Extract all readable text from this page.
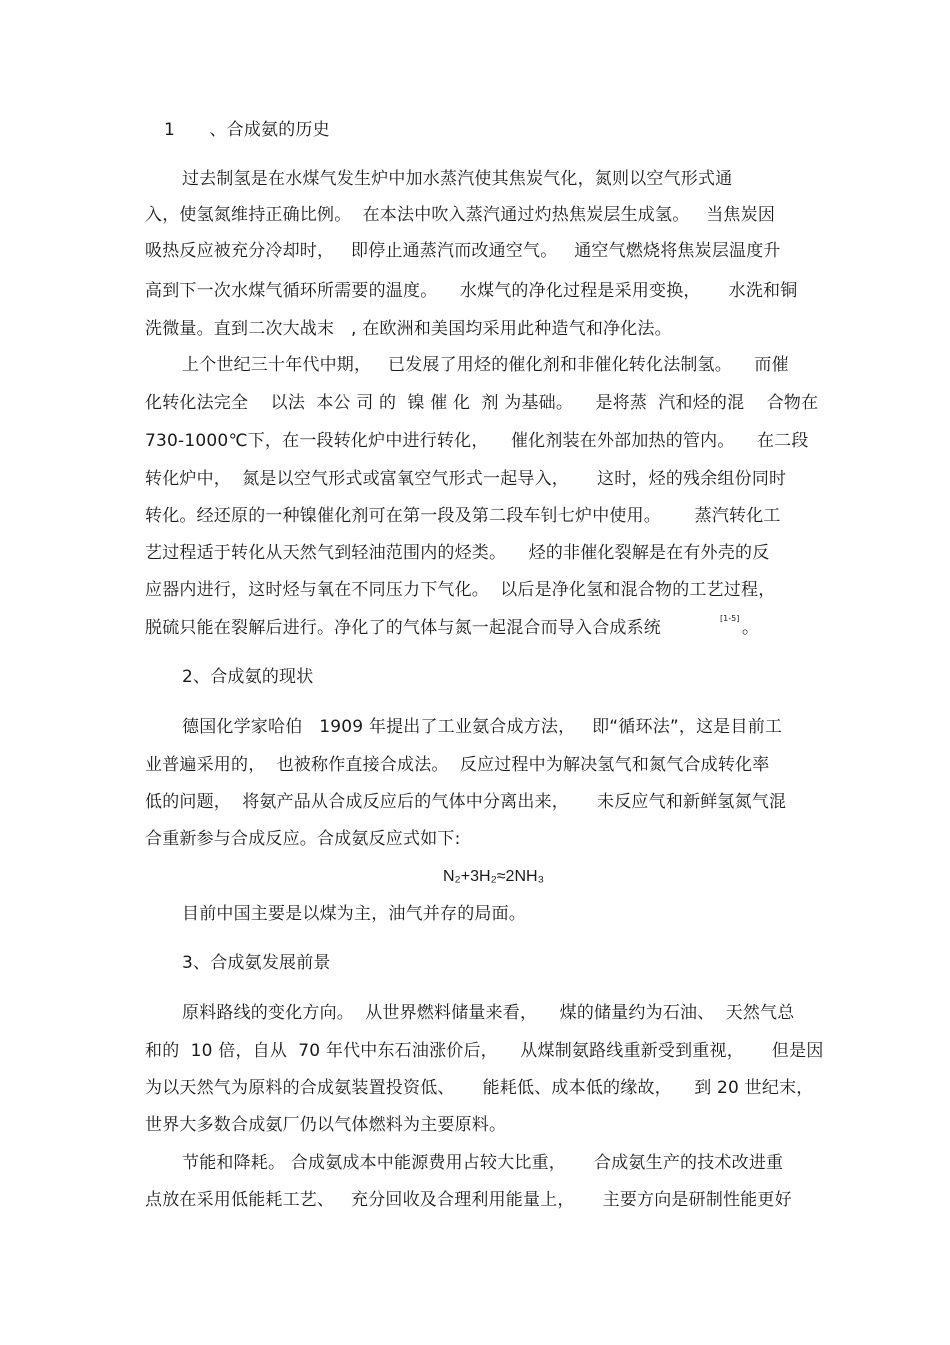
1　　、合成氨的历史
过去制氢是在水煤气发生炉中加水蒸汽使其焦炭气化，氮则以空气形式通
入，使氢氮维持正确比例。  在本法中吹入蒸汽通过灼热焦炭层生成氢。   当焦炭因
吸热反应被充分冷却时，   即停止通蒸汽而改通空气。   通空气燃烧将焦炭层温度升
高到下一次水煤气循环所需要的温度。    水煤气的净化过程是采用变换，     水洗和铜
洗微量。直到二次大战末   , 在欧洲和美国均采用此种造气和净化法。
上个世纪三十年代中期，   已发展了用烃的催化剂和非催化转化法制氢。    而催
化转化法完全    以法  本公 司 的  镍 催 化  剂 为基础。    是将蒸  汽和烃的混    合物在
730-1000℃下，在一段转化炉中进行转化，    催化剂装在外部加热的管内。    在二段
转化炉中，  氮是以空气形式或富氧空气形式一起导入，     这时，烃的残余组份同时
转化。经还原的一种镍催化剂可在第一段及第二段车钊七炉中使用。      蒸汽转化工
艺过程适于转化从天然气到轻油范围内的烃类。    烃的非催化裂解是在有外壳的反
应器内进行，这时烃与氧在不同压力下气化。  以后是净化氢和混合物的工艺过程，
脱硫只能在裂解后进行。净化了的气体与氮一起混合而导入合成系统	[1-5] 。
2、合成氨的现状
德国化学家哈伯   1909 年提出了工业氨合成方法，   即“循环法”，这是目前工
业普遍采用的，  也被称作直接合成法。  反应过程中为解决氢气和氮气合成转化率
低的问题，  将氨产品从合成反应后的气体中分离出来，     未反应气和新鲜氢氮气混
合重新参与合成反应。合成氨反应式如下:
N₂+3H₂≈2NH₃
目前中国主要是以煤为主，油气并存的局面。
3、合成氨发展前景
原料路线的变化方向。  从世界燃料储量来看，    煤的储量约为石油、  天然气总
和的  10 倍，自从  70 年代中东石油涨价后，    从煤制氨路线重新受到重视，     但是因
为以天然气为原料的合成氨装置投资低、     能耗低、成本低的缘故，    到 20 世纪末，
世界大多数合成氨厂仍以气体燃料为主要原料。
节能和降耗。 合成氨成本中能源费用占较大比重，     合成氨生产的技术改进重
点放在采用低能耗工艺、   充分回收及合理利用能量上，     主要方向是研制性能更好
